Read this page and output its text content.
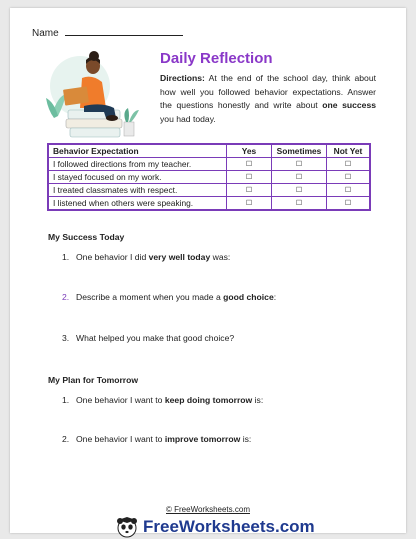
Name
Daily Reflection
Directions: At the end of the school day, think about how well you followed behavior expectations. Answer the questions honestly and write about one success you had today.
Behavior Expectation	Yes	Sometimes	Not Yet
I followed directions from my teacher.	☐	☐	☐
I stayed focused on my work.	☐	☐	☐
I treated classmates with respect.	☐	☐	☐
I listened when others were speaking.	☐	☐	☐
My Success Today
1. One behavior I did very well today was:
2. Describe a moment when you made a good choice:
3. What helped you make that good choice?
My Plan for Tomorrow
1. One behavior I want to keep doing tomorrow is:
2. One behavior I want to improve tomorrow is:
© FreeWorksheets.com
FreeWorksheets.com
